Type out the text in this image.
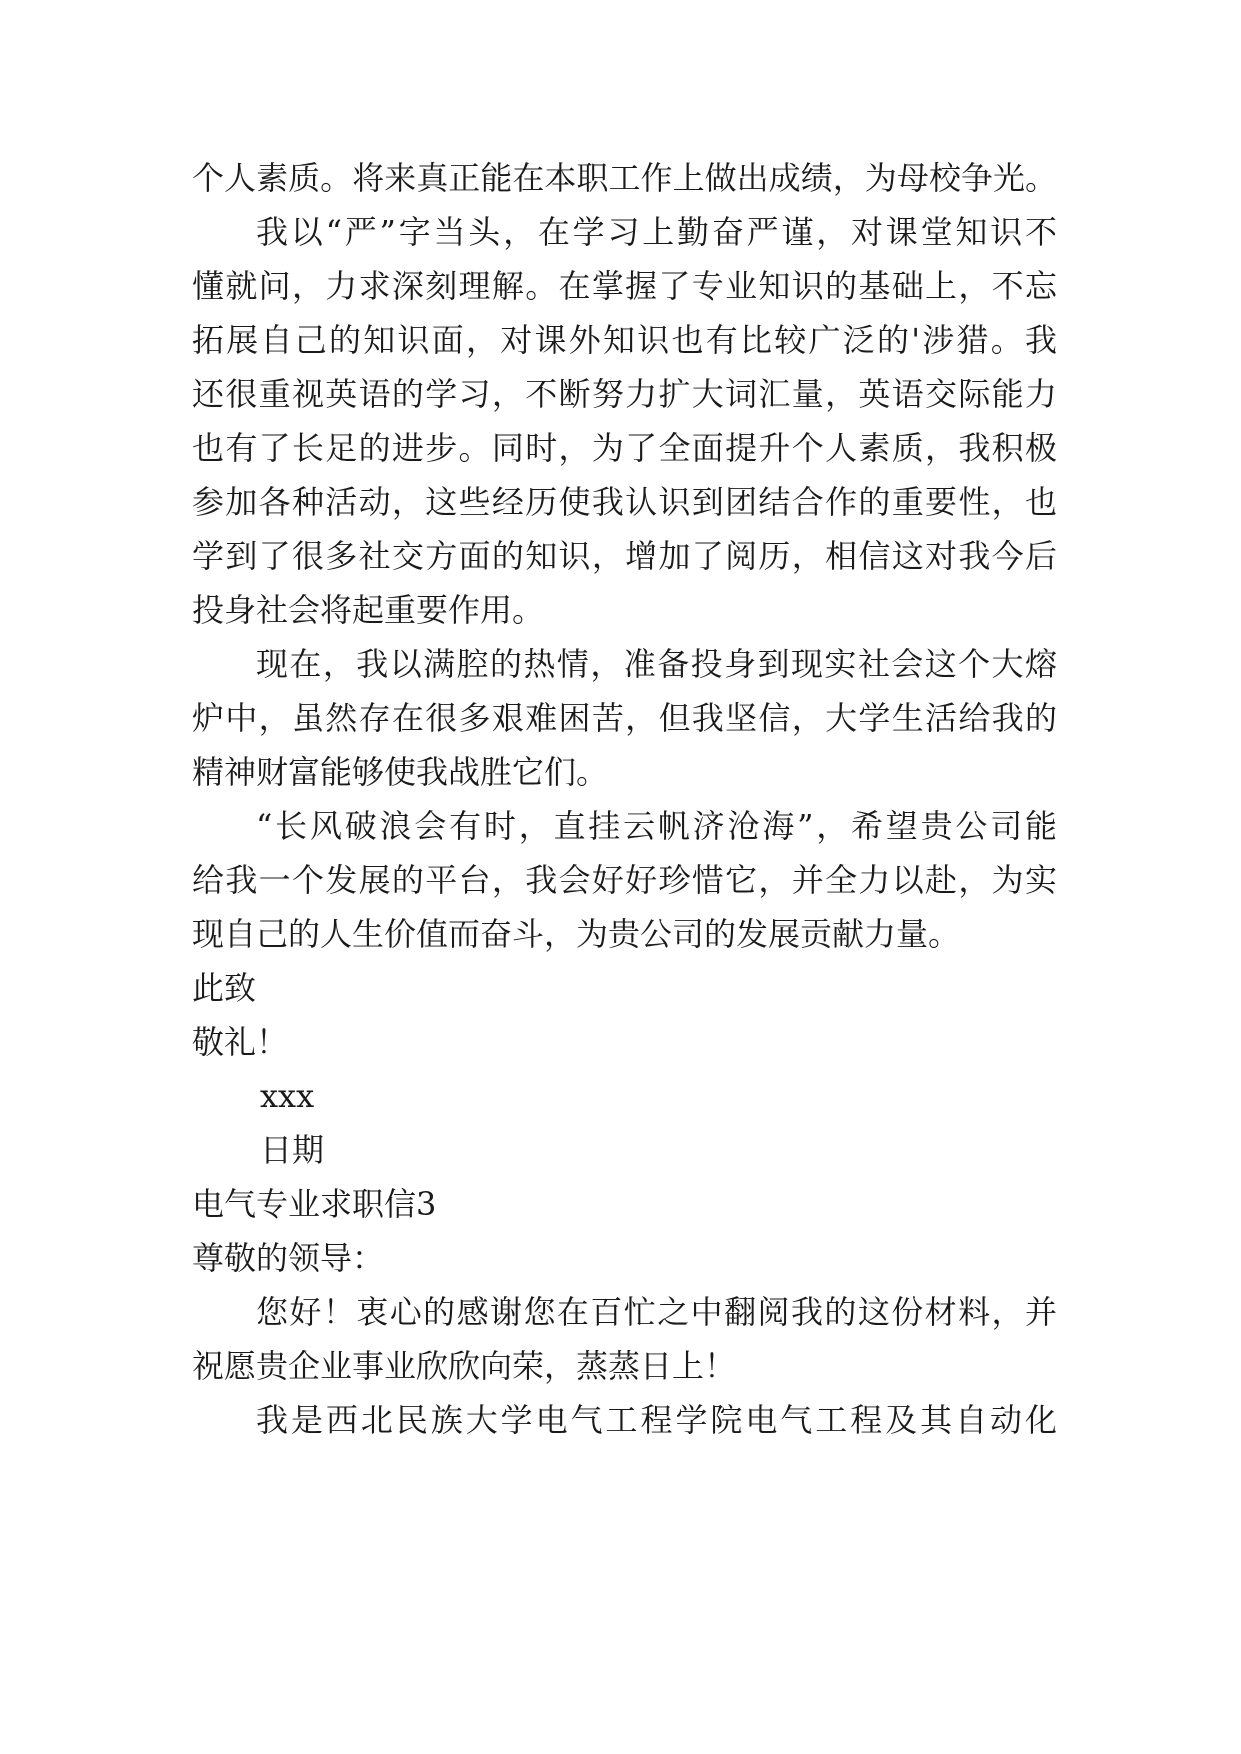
个人素质。将来真正能在本职工作上做出成绩，为母校争光。
我以“严”字当头，在学习上勤奋严谨，对课堂知识不
懂就问，力求深刻理解。在掌握了专业知识的基础上，不忘
拓展自己的知识面，对课外知识也有比较广泛的'涉猎。我
还很重视英语的学习，不断努力扩大词汇量，英语交际能力
也有了长足的进步。同时，为了全面提升个人素质，我积极
参加各种活动，这些经历使我认识到团结合作的重要性，也
学到了很多社交方面的知识，增加了阅历，相信这对我今后
投身社会将起重要作用。
现在，我以满腔的热情，准备投身到现实社会这个大熔
炉中，虽然存在很多艰难困苦，但我坚信，大学生活给我的
精神财富能够使我战胜它们。
“长风破浪会有时，直挂云帆济沧海”，希望贵公司能
给我一个发展的平台，我会好好珍惜它，并全力以赴，为实
现自己的人生价值而奋斗，为贵公司的发展贡献力量。
此致
敬礼！
xxx
日期
电气专业求职信3
尊敬的领导：
您好！衷心的感谢您在百忙之中翻阅我的这份材料，并
祝愿贵企业事业欣欣向荣，蒸蒸日上！
我是西北民族大学电气工程学院电气工程及其自动化
